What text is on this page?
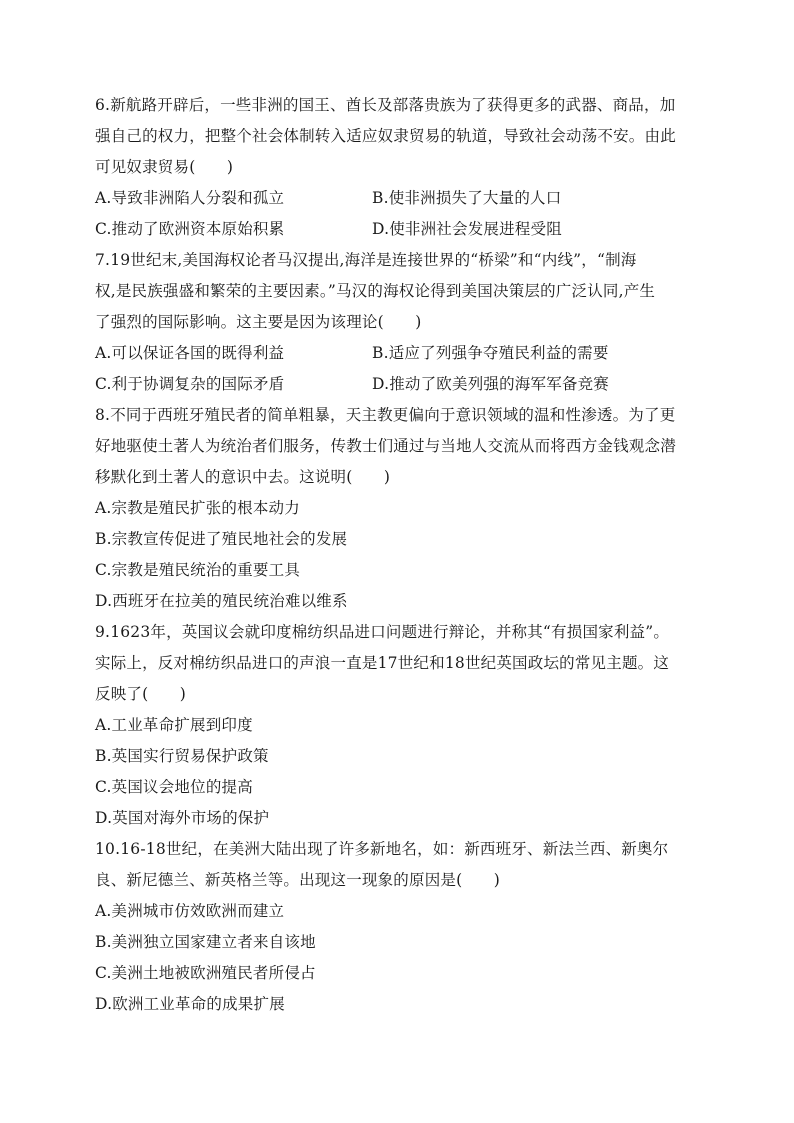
6.新航路开辟后，一些非洲的国王、酋长及部落贵族为了获得更多的武器、商品，加
强自己的权力，把整个社会体制转入适应奴隶贸易的轨道，导致社会动荡不安。由此
可见奴隶贸易(　　)
A.导致非洲陷人分裂和孤立	B.使非洲损失了大量的人口
C.推动了欧洲资本原始积累	D.使非洲社会发展进程受阻
7.19世纪末,美国海权论者马汉提出,海洋是连接世界的“桥梁”和“内线”，“制海
权,是民族强盛和繁荣的主要因素。”马汉的海权论得到美国决策层的广泛认同,产生
了强烈的国际影响。这主要是因为该理论(　　)
A.可以保证各国的既得利益	B.适应了列强争夺殖民利益的需要
C.利于协调复杂的国际矛盾	D.推动了欧美列强的海军军备竞赛
8.不同于西班牙殖民者的简单粗暴，天主教更偏向于意识领域的温和性渗透。为了更
好地驱使土著人为统治者们服务，传教士们通过与当地人交流从而将西方金钱观念潜
移默化到土著人的意识中去。这说明(　　)
A.宗教是殖民扩张的根本动力
B.宗教宣传促进了殖民地社会的发展
C.宗教是殖民统治的重要工具
D.西班牙在拉美的殖民统治难以维系
9.1623年，英国议会就印度棉纺织品进口问题进行辩论，并称其“有损国家利益”。
实际上，反对棉纺织品进口的声浪一直是17世纪和18世纪英国政坛的常见主题。这
反映了(　　)
A.工业革命扩展到印度
B.英国实行贸易保护政策
C.英国议会地位的提高
D.英国对海外市场的保护
10.16-18世纪，在美洲大陆出现了许多新地名，如：新西班牙、新法兰西、新奥尔
良、新尼德兰、新英格兰等。出现这一现象的原因是(　　)
A.美洲城市仿效欧洲而建立
B.美洲独立国家建立者来自该地
C.美洲土地被欧洲殖民者所侵占
D.欧洲工业革命的成果扩展
